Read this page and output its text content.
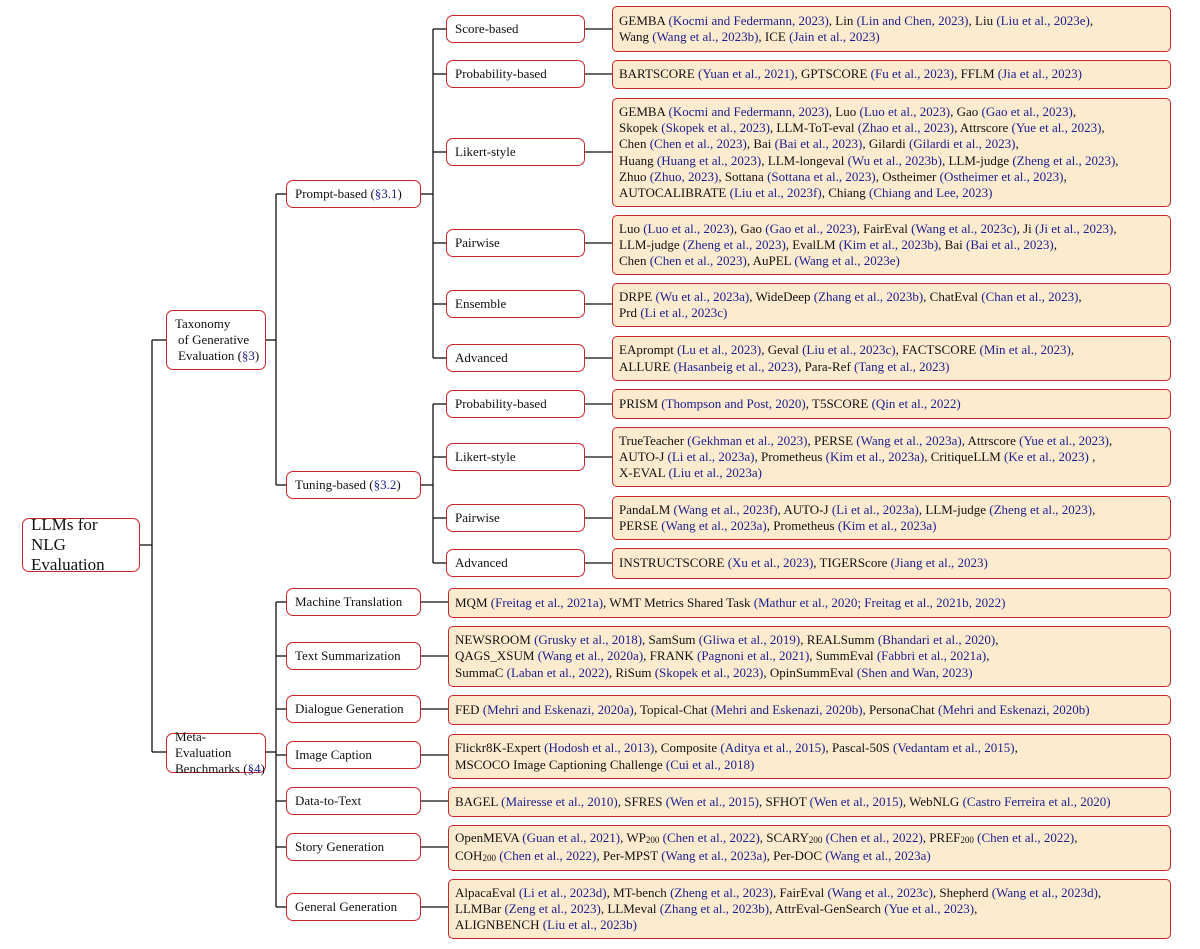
LLMs for NLG
Evaluation
Taxonomy
of Generative
Evaluation (§3)
Meta-Evaluation
Benchmarks (§4)
Prompt-based ( §3.1 )
Tuning-based ( §3.2 )
Score-based
Probability-based
Likert-style
Pairwise
Ensemble
Advanced
Probability-based
Likert-style
Pairwise
Advanced
Machine Translation
Text Summarization
Dialogue Generation
Image Caption
Data-to-Text
Story Generation
General Generation
GEMBA (Kocmi and Federmann, 2023), Lin (Lin and Chen, 2023), Liu (Liu et al., 2023e),
Wang (Wang et al., 2023b), ICE (Jain et al., 2023)
BARTSCORE (Yuan et al., 2021), GPTSCORE (Fu et al., 2023), FFLM (Jia et al., 2023)
GEMBA (Kocmi and Federmann, 2023), Luo (Luo et al., 2023), Gao (Gao et al., 2023),
Skopek (Skopek et al., 2023), LLM-ToT-eval (Zhao et al., 2023), Attrscore (Yue et al., 2023),
Chen (Chen et al., 2023), Bai (Bai et al., 2023), Gilardi (Gilardi et al., 2023),
Huang (Huang et al., 2023), LLM-longeval (Wu et al., 2023b), LLM-judge (Zheng et al., 2023),
Zhuo (Zhuo, 2023), Sottana (Sottana et al., 2023), Ostheimer (Ostheimer et al., 2023),
AUTOCALIBRATE (Liu et al., 2023f), Chiang (Chiang and Lee, 2023)
Luo (Luo et al., 2023), Gao (Gao et al., 2023), FairEval (Wang et al., 2023c), Ji (Ji et al., 2023),
LLM-judge (Zheng et al., 2023), EvalLM (Kim et al., 2023b), Bai (Bai et al., 2023),
Chen (Chen et al., 2023), AuPEL (Wang et al., 2023e)
DRPE (Wu et al., 2023a), WideDeep (Zhang et al., 2023b), ChatEval (Chan et al., 2023),
Prd (Li et al., 2023c)
EAprompt (Lu et al., 2023), Geval (Liu et al., 2023c), FACTSCORE (Min et al., 2023),
ALLURE (Hasanbeig et al., 2023), Para-Ref (Tang et al., 2023)
PRISM (Thompson and Post, 2020), T5SCORE (Qin et al., 2022)
TrueTeacher (Gekhman et al., 2023), PERSE (Wang et al., 2023a), Attrscore (Yue et al., 2023),
AUTO-J (Li et al., 2023a), Prometheus (Kim et al., 2023a), CritiqueLLM (Ke et al., 2023) ,
X-EVAL (Liu et al., 2023a)
PandaLM (Wang et al., 2023f), AUTO-J (Li et al., 2023a), LLM-judge (Zheng et al., 2023),
PERSE (Wang et al., 2023a), Prometheus (Kim et al., 2023a)
INSTRUCTSCORE (Xu et al., 2023), TIGERScore (Jiang et al., 2023)
MQM (Freitag et al., 2021a), WMT Metrics Shared Task (Mathur et al., 2020; Freitag et al., 2021b, 2022)
NEWSROOM (Grusky et al., 2018), SamSum (Gliwa et al., 2019), REALSumm (Bhandari et al., 2020),
QAGS_XSUM (Wang et al., 2020a), FRANK (Pagnoni et al., 2021), SummEval (Fabbri et al., 2021a),
SummaC (Laban et al., 2022), RiSum (Skopek et al., 2023), OpinSummEval (Shen and Wan, 2023)
FED (Mehri and Eskenazi, 2020a), Topical-Chat (Mehri and Eskenazi, 2020b), PersonaChat (Mehri and Eskenazi, 2020b)
Flickr8K-Expert (Hodosh et al., 2013), Composite (Aditya et al., 2015), Pascal-50S (Vedantam et al., 2015),
MSCOCO Image Captioning Challenge (Cui et al., 2018)
BAGEL (Mairesse et al., 2010), SFRES (Wen et al., 2015), SFHOT (Wen et al., 2015), WebNLG (Castro Ferreira et al., 2020)
OpenMEVA (Guan et al., 2021), $WP_{200}$ (Chen et al., 2022), $SCARY_{200}$ (Chen et al., 2022), $PREF_{200}$ (Chen et al., 2022),
$COH_{200}$ (Chen et al., 2022), Per-MPST (Wang et al., 2023a), Per-DOC (Wang et al., 2023a)
AlpacaEval (Li et al., 2023d), MT-bench (Zheng et al., 2023), FairEval (Wang et al., 2023c), Shepherd (Wang et al., 2023d),
LLMBar (Zeng et al., 2023), LLMeval (Zhang et al., 2023b), AttrEval-GenSearch (Yue et al., 2023),
ALIGNBENCH (Liu et al., 2023b)
